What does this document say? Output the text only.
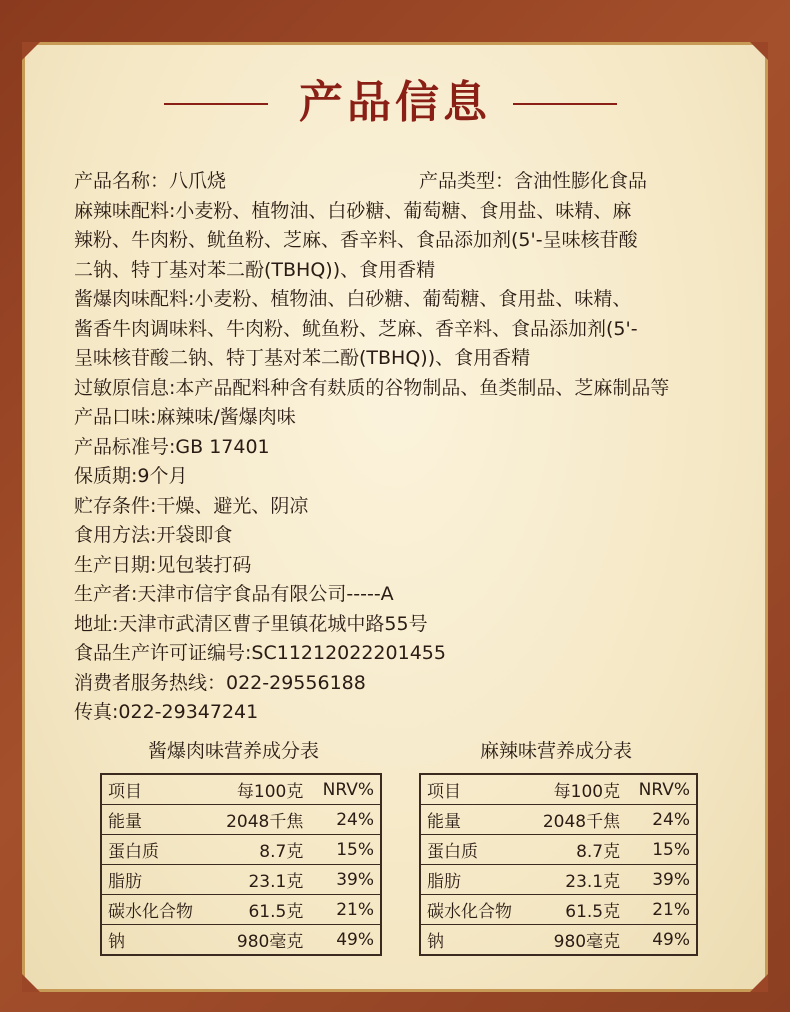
产品信息
产品名称：八爪烧	产品类型：含油性膨化食品
麻辣味配料:小麦粉、植物油、白砂糖、葡萄糖、食用盐、味精、麻
辣粉、牛肉粉、鱿鱼粉、芝麻、香辛料、食品添加剂(5'-呈味核苷酸
二钠、特丁基对苯二酚(TBHQ))、食用香精
酱爆肉味配料:小麦粉、植物油、白砂糖、葡萄糖、食用盐、味精、
酱香牛肉调味料、牛肉粉、鱿鱼粉、芝麻、香辛料、食品添加剂(5'-
呈味核苷酸二钠、特丁基对苯二酚(TBHQ))、食用香精
过敏原信息:本产品配料种含有麸质的谷物制品、鱼类制品、芝麻制品等
产品口味:麻辣味/酱爆肉味
产品标准号:GB 17401
保质期:9个月
贮存条件:干燥、避光、阴凉
食用方法:开袋即食
生产日期:见包装打码
生产者:天津市信宇食品有限公司-----A
地址:天津市武清区曹子里镇花城中路55号
食品生产许可证编号:SC11212022201455
消费者服务热线：022-29556188
传真:022-29347241
酱爆肉味营养成分表
项目	每100克	NRV%
能量	2048千焦	24%
蛋白质	8.7克	15%
脂肪	23.1克	39%
碳水化合物	61.5克	21%
钠	980毫克	49%
麻辣味营养成分表
项目	每100克	NRV%
能量	2048千焦	24%
蛋白质	8.7克	15%
脂肪	23.1克	39%
碳水化合物	61.5克	21%
钠	980毫克	49%
